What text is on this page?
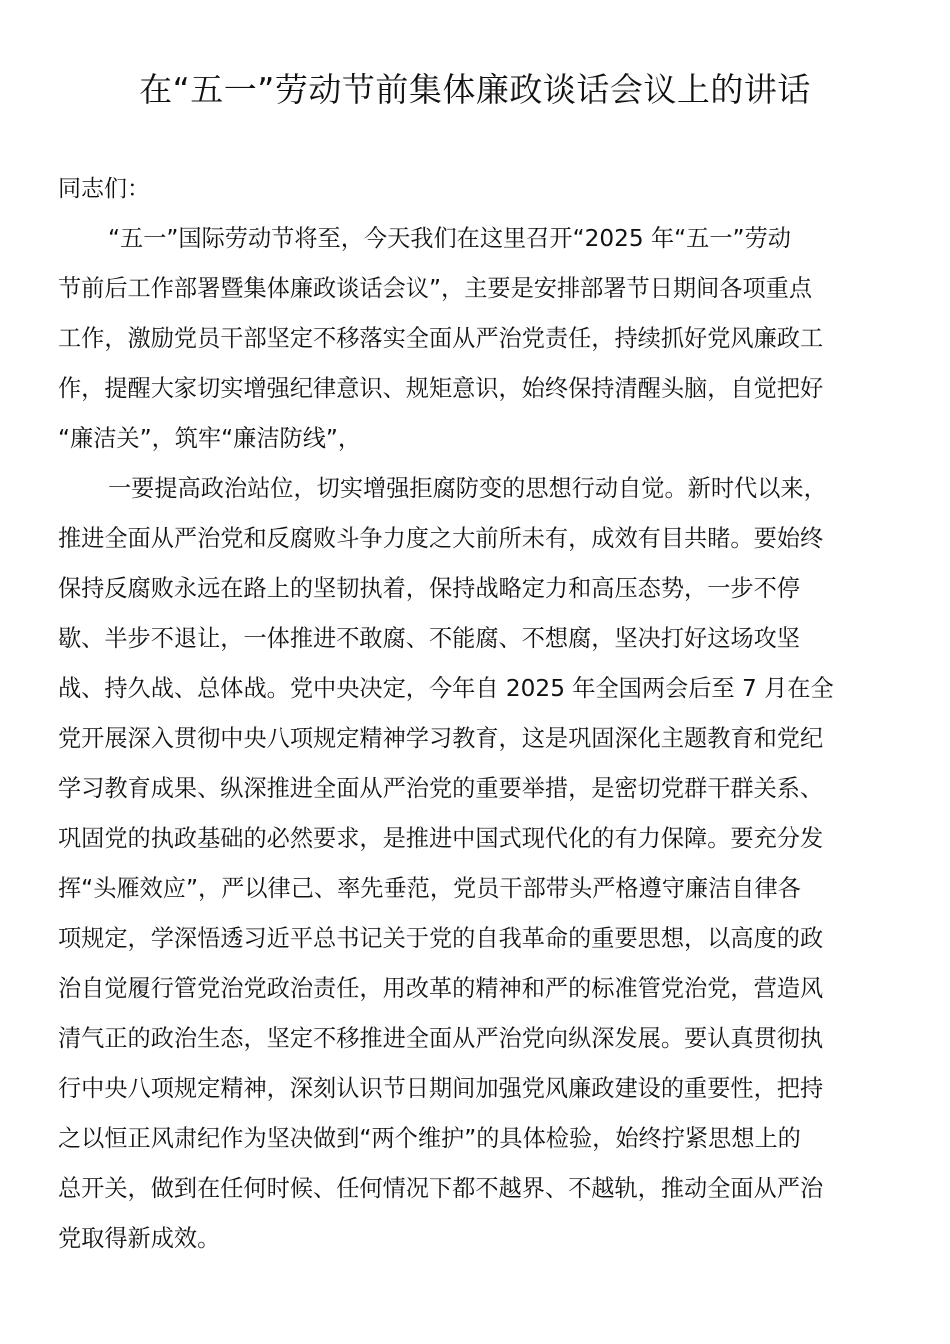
在“五一”劳动节前集体廉政谈话会议上的讲话

同志们：

“五一”国际劳动节将至，今天我们在这里召开“2025 年“五一”劳动

节前后工作部署暨集体廉政谈话会议”，主要是安排部署节日期间各项重点

工作，激励党员干部坚定不移落实全面从严治党责任，持续抓好党风廉政工

作，提醒大家切实增强纪律意识、规矩意识，始终保持清醒头脑，自觉把好

“廉洁关”，筑牢“廉洁防线”，

一要提高政治站位，切实增强拒腐防变的思想行动自觉。新时代以来，

推进全面从严治党和反腐败斗争力度之大前所未有，成效有目共睹。要始终

保持反腐败永远在路上的坚韧执着，保持战略定力和高压态势，一步不停

歇、半步不退让，一体推进不敢腐、不能腐、不想腐，坚决打好这场攻坚

战、持久战、总体战。党中央决定，今年自 2025 年全国两会后至 7 月在全

党开展深入贯彻中央八项规定精神学习教育，这是巩固深化主题教育和党纪

学习教育成果、纵深推进全面从严治党的重要举措，是密切党群干群关系、

巩固党的执政基础的必然要求，是推进中国式现代化的有力保障。要充分发

挥“头雁效应”，严以律己、率先垂范，党员干部带头严格遵守廉洁自律各

项规定，学深悟透习近平总书记关于党的自我革命的重要思想，以高度的政

治自觉履行管党治党政治责任，用改革的精神和严的标准管党治党，营造风

清气正的政治生态，坚定不移推进全面从严治党向纵深发展。要认真贯彻执

行中央八项规定精神，深刻认识节日期间加强党风廉政建设的重要性，把持

之以恒正风肃纪作为坚决做到“两个维护”的具体检验，始终拧紧思想上的

总开关，做到在任何时候、任何情况下都不越界、不越轨，推动全面从严治

党取得新成效。
